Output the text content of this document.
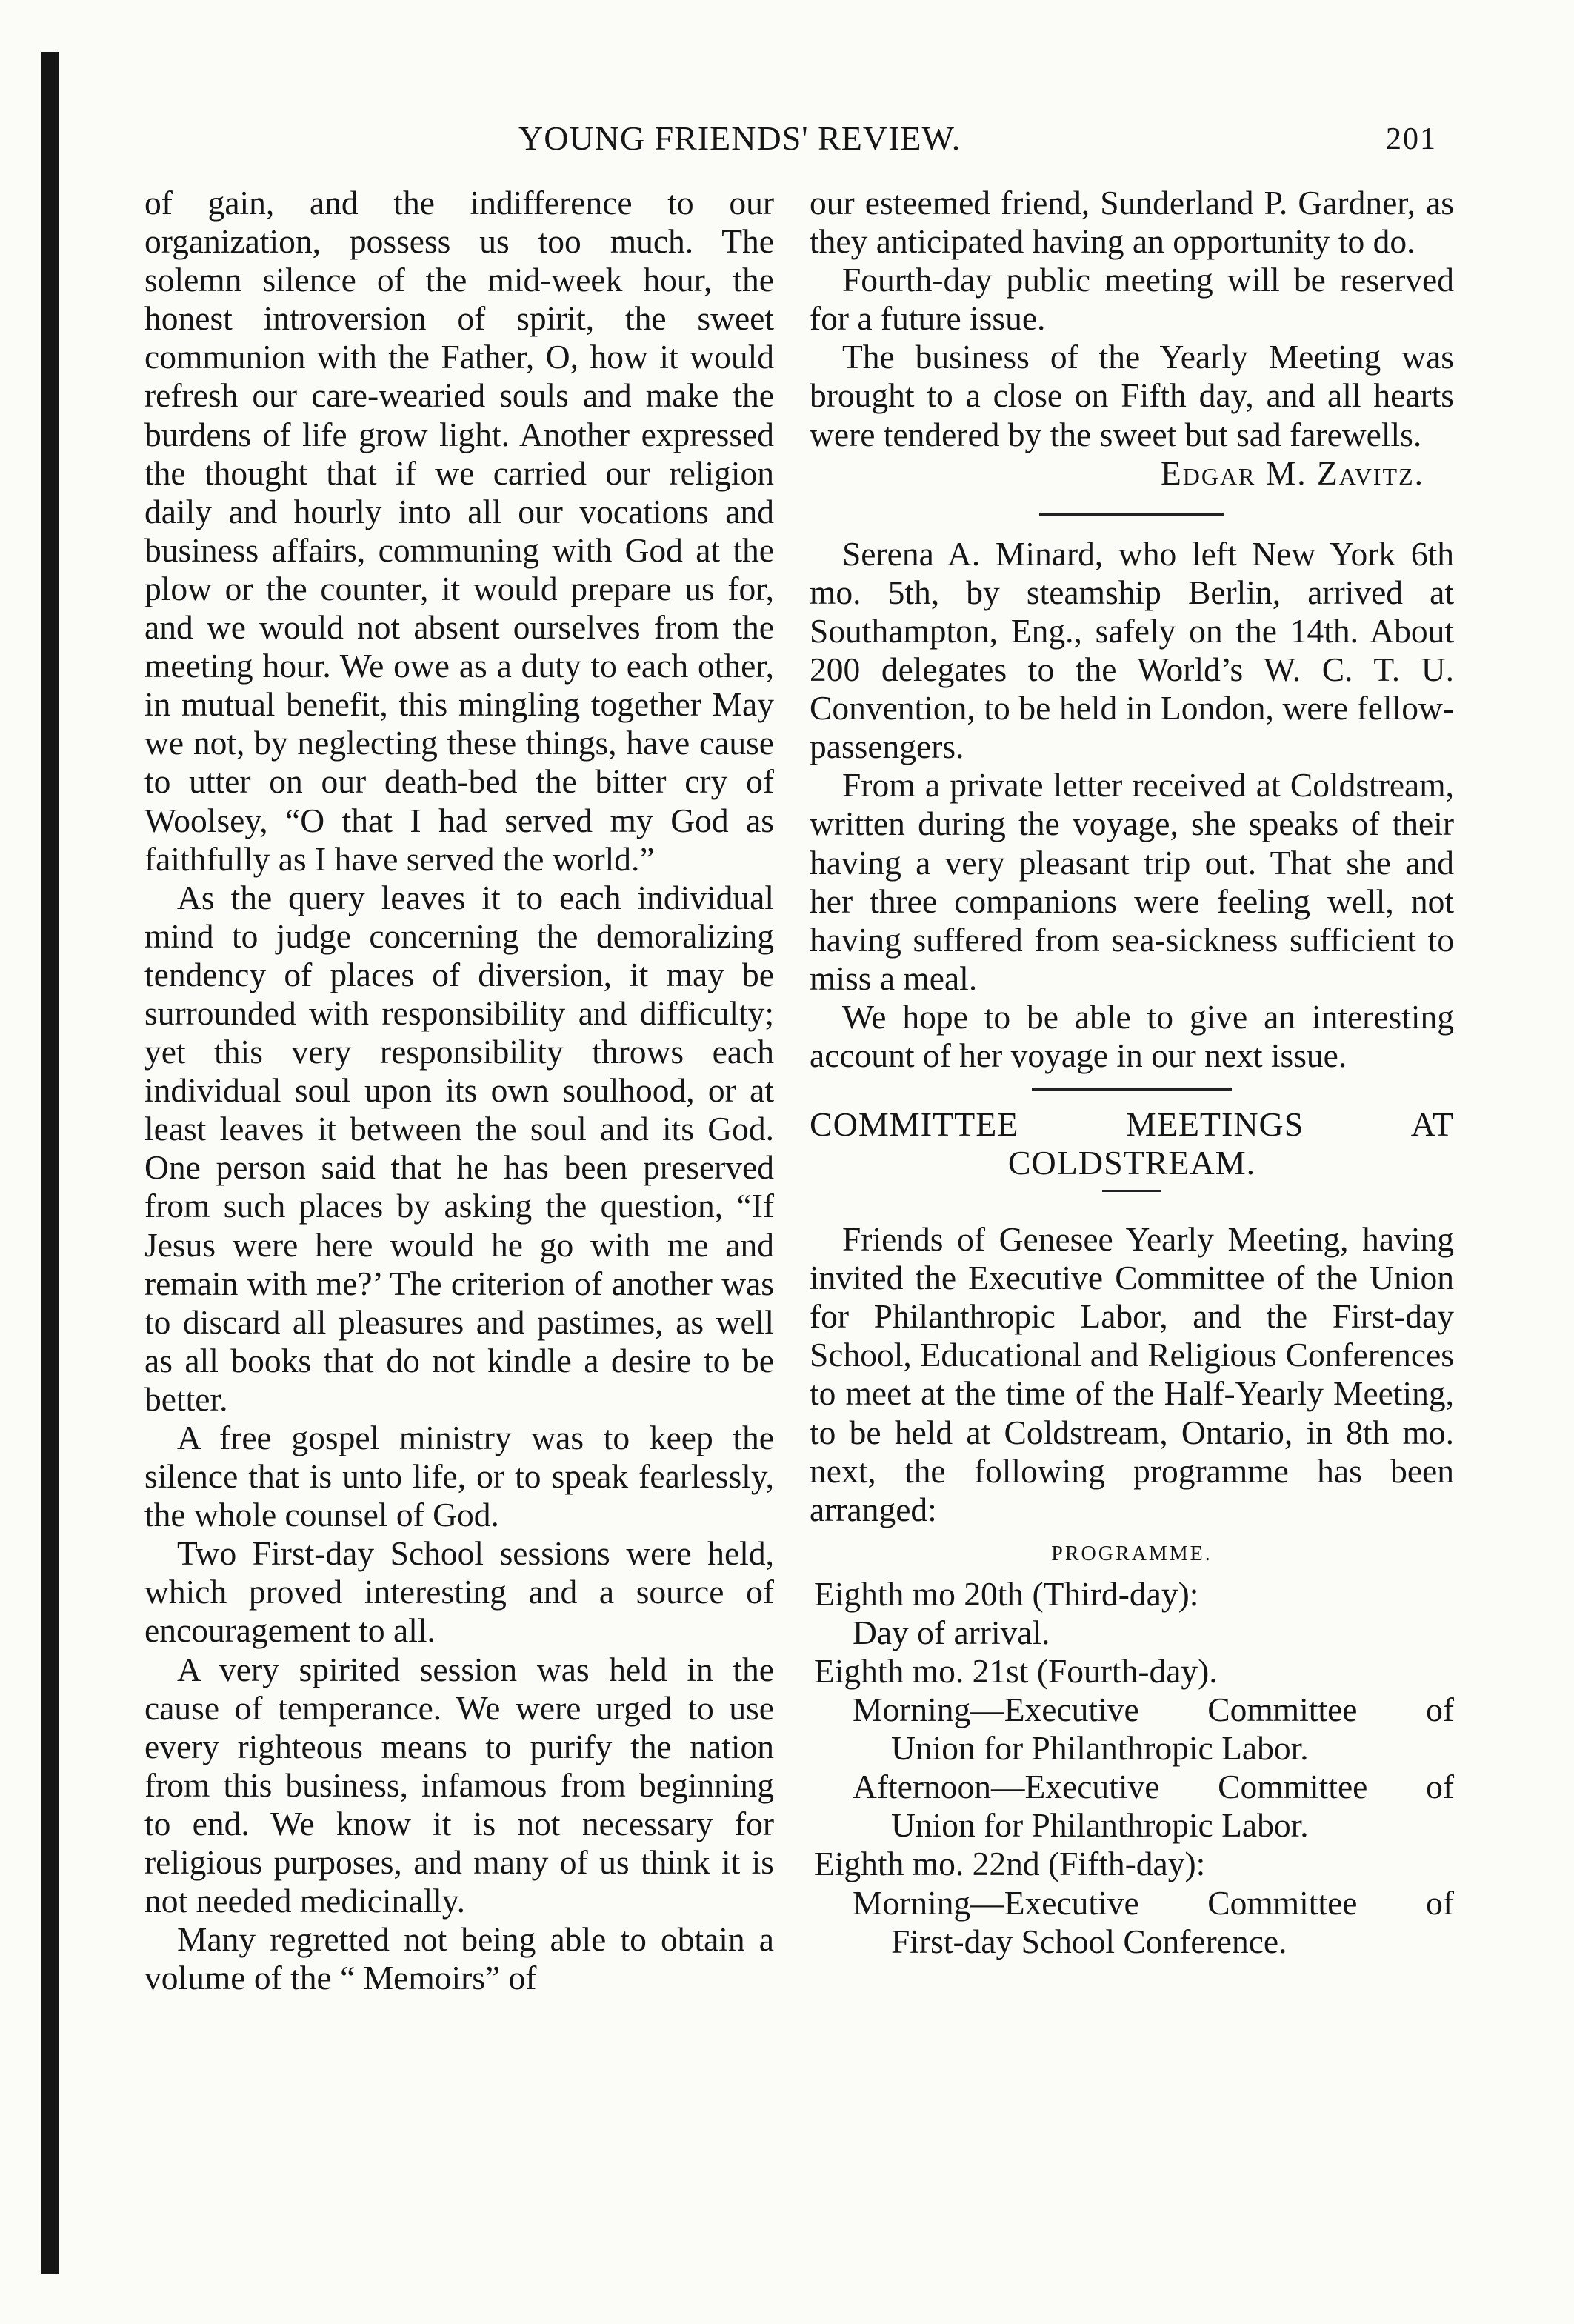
YOUNG FRIENDS' REVIEW.	201

of gain, and the indifference to our organization, possess us too much. The solemn silence of the mid-week hour, the honest introversion of spirit, the sweet communion with the Father, O, how it would refresh our care-wearied souls and make the burdens of life grow light. Another expressed the thought that if we carried our religion daily and hourly into all our vocations and business affairs, communing with God at the plow or the counter, it would prepare us for, and we would not absent ourselves from the meeting hour. We owe as a duty to each other, in mutual benefit, this mingling together May we not, by neglecting these things, have cause to utter on our death-bed the bitter cry of Woolsey, “O that I had served my God as faithfully as I have served the world.”

As the query leaves it to each individual mind to judge concerning the demoralizing tendency of places of diversion, it may be surrounded with responsibility and difficulty; yet this very responsibility throws each individual soul upon its own soulhood, or at least leaves it between the soul and its God. One person said that he has been preserved from such places by asking the question, “If Jesus were here would he go with me and remain with me?’ The criterion of another was to discard all pleasures and pastimes, as well as all books that do not kindle a desire to be better.

A free gospel ministry was to keep the silence that is unto life, or to speak fearlessly, the whole counsel of God.

Two First-day School sessions were held, which proved interesting and a source of encouragement to all.

A very spirited session was held in the cause of temperance. We were urged to use every righteous means to purify the nation from this business, infamous from beginning to end. We know it is not necessary for religious purposes, and many of us think it is not needed medicinally.

Many regretted not being able to obtain a volume of the “ Memoirs” of

our esteemed friend, Sunderland P. Gardner, as they anticipated having an opportunity to do.

Fourth-day public meeting will be reserved for a future issue.

The business of the Yearly Meeting was brought to a close on Fifth day, and all hearts were tendered by the sweet but sad farewells.

Edgar M. Zavitz.

Serena A. Minard, who left New York 6th mo. 5th, by steamship Berlin, arrived at Southampton, Eng., safely on the 14th. About 200 delegates to the World’s W. C. T. U. Convention, to be held in London, were fellow-passengers.

From a private letter received at Coldstream, written during the voyage, she speaks of their having a very pleasant trip out. That she and her three companions were feeling well, not having suffered from sea-sickness sufficient to miss a meal.

We hope to be able to give an interesting account of her voyage in our next issue.

COMMITTEE	MEETINGS	AT
COLDSTREAM.

Friends of Genesee Yearly Meeting, having invited the Executive Committee of the Union for Philanthropic Labor, and the First-day School, Educational and Religious Conferences to meet at the time of the Half-Yearly Meeting, to be held at Coldstream, Ontario, in 8th mo. next, the following programme has been arranged:

PROGRAMME.

Eighth mo 20th (Third-day):

Day of arrival.

Eighth mo. 21st (Fourth-day).

Morning—Executive Committee of

Union for Philanthropic Labor.

Afternoon—Executive Committee of

Union for Philanthropic Labor.

Eighth mo. 22nd (Fifth-day):

Morning—Executive Committee of

First-day School Conference.
